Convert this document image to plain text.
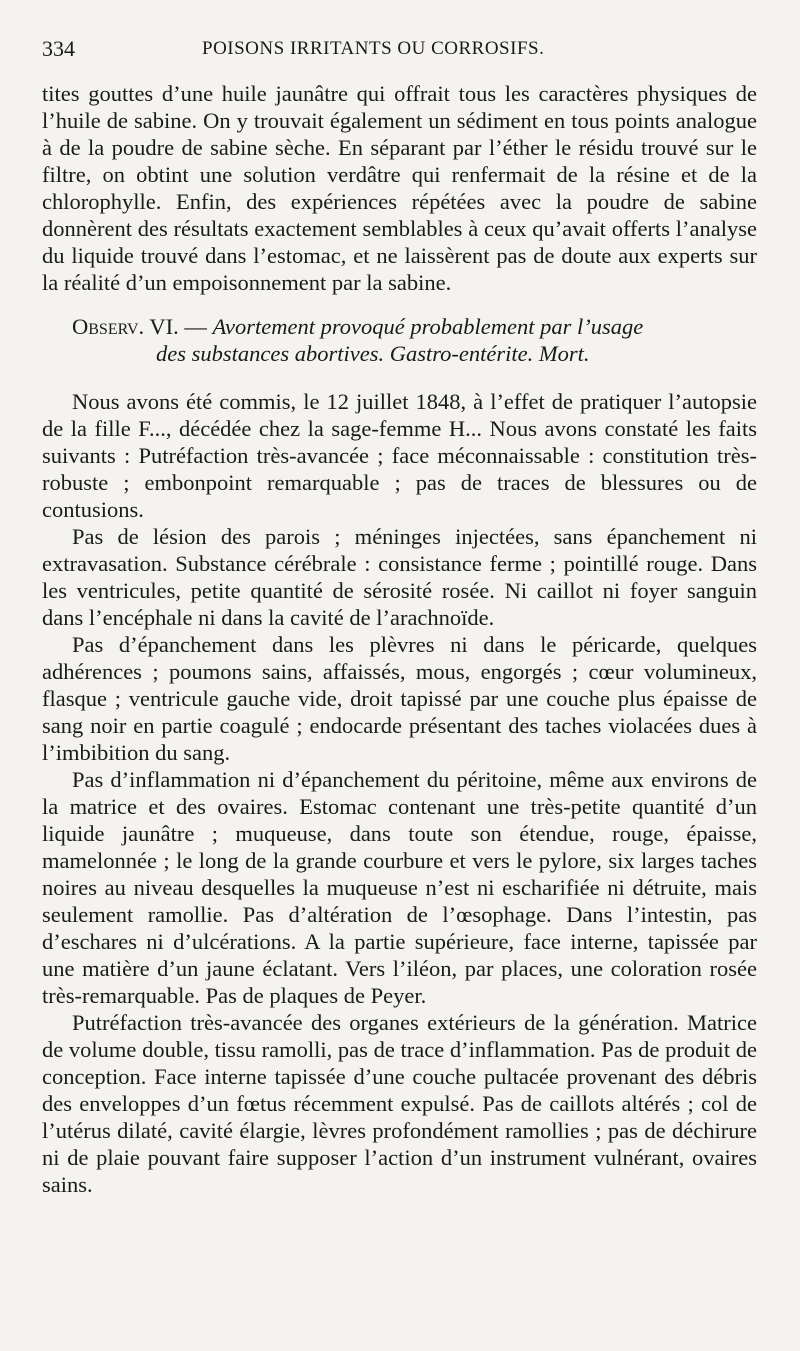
334	POISONS IRRITANTS OU CORROSIFS.

tites gouttes d’une huile jaunâtre qui offrait tous les caractères physiques de l’huile de sabine. On y trouvait également un sédiment en tous points analogue à de la poudre de sabine sèche. En séparant par l’éther le résidu trouvé sur le filtre, on obtint une solution verdâtre qui renfermait de la résine et de la chlorophylle. Enfin, des expériences répétées avec la poudre de sabine donnèrent des résultats exactement semblables à ceux qu’avait offerts l’analyse du liquide trouvé dans l’estomac, et ne laissèrent pas de doute aux experts sur la réalité d’un empoisonnement par la sabine.

Observ. VI. — Avortement provoqué probablement par l’usage
des substances abortives. Gastro-entérite. Mort.

Nous avons été commis, le 12 juillet 1848, à l’effet de pratiquer l’autopsie de la fille F..., décédée chez la sage-femme H... Nous avons constaté les faits suivants : Putréfaction très-avancée ; face méconnaissable : constitution très-robuste ; embonpoint remarquable ; pas de traces de blessures ou de contusions.

Pas de lésion des parois ; méninges injectées, sans épanchement ni extravasation. Substance cérébrale : consistance ferme ; pointillé rouge. Dans les ventricules, petite quantité de sérosité rosée. Ni caillot ni foyer sanguin dans l’encéphale ni dans la cavité de l’arachnoïde.

Pas d’épanchement dans les plèvres ni dans le péricarde, quelques adhérences ; poumons sains, affaissés, mous, engorgés ; cœur volumineux, flasque ; ventricule gauche vide, droit tapissé par une couche plus épaisse de sang noir en partie coagulé ; endocarde présentant des taches violacées dues à l’imbibition du sang.

Pas d’inflammation ni d’épanchement du péritoine, même aux environs de la matrice et des ovaires. Estomac contenant une très-petite quantité d’un liquide jaunâtre ; muqueuse, dans toute son étendue, rouge, épaisse, mamelonnée ; le long de la grande courbure et vers le pylore, six larges taches noires au niveau desquelles la muqueuse n’est ni escharifiée ni détruite, mais seulement ramollie. Pas d’altération de l’œsophage. Dans l’intestin, pas d’eschares ni d’ulcérations. A la partie supérieure, face interne, tapissée par une matière d’un jaune éclatant. Vers l’iléon, par places, une coloration rosée très-remarquable. Pas de plaques de Peyer.

Putréfaction très-avancée des organes extérieurs de la génération. Matrice de volume double, tissu ramolli, pas de trace d’inflammation. Pas de produit de conception. Face interne tapissée d’une couche pultacée provenant des débris des enveloppes d’un fœtus récemment expulsé. Pas de caillots altérés ; col de l’utérus dilaté, cavité élargie, lèvres profondément ramollies ; pas de déchirure ni de plaie pouvant faire supposer l’action d’un instrument vulnérant, ovaires sains.
